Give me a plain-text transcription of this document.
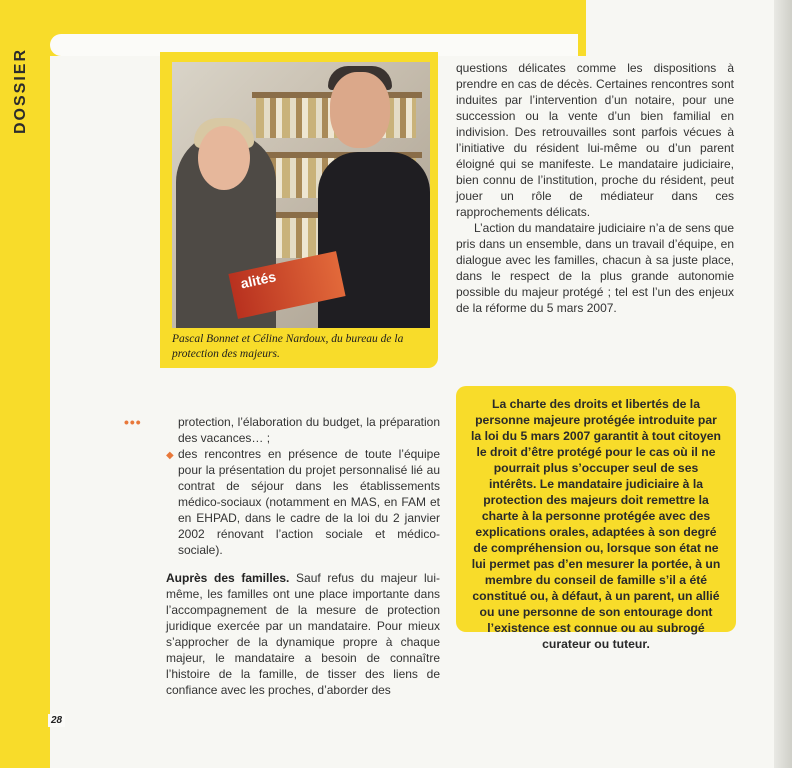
DOSSIER
alités
Pascal Bonnet et Céline Nardoux, du bureau de la protection des majeurs.

questions délicates comme les dispositions à prendre en cas de décès. Certaines rencontres sont induites par l’intervention d’un notaire, pour une succession ou la vente d’un bien familial en indivision. Des retrouvailles sont parfois vécues à l’initiative du résident lui-même ou d’un parent éloigné qui se manifeste. Le mandataire judiciaire, bien connu de l’institution, proche du résident, peut jouer un rôle de médiateur dans ces rapprochements délicats.

L’action du mandataire judiciaire n’a de sens que pris dans un ensemble, dans un travail d’équipe, en dialogue avec les familles, chacun à sa juste place, dans le respect de la plus grande autonomie possible du majeur protégé ; tel est l’un des enjeux de la réforme du 5 mars 2007.

•••	protection, l’élaboration du budget, la préparation des vacances… ;
◆ des rencontres en présence de toute l’équipe pour la présentation du projet personnalisé lié au contrat de séjour dans les établissements médico-sociaux (notamment en MAS, en FAM et en EHPAD, dans le cadre de la loi du 2 janvier 2002 rénovant l’action sociale et médico-sociale).
Auprès des familles. Sauf refus du majeur lui-même, les familles ont une place importante dans l’accompagnement de la mesure de protection juridique exercée par un mandataire. Pour mieux s’approcher de la dynamique propre à chaque majeur, le mandataire a besoin de connaître l’histoire de la famille, de tisser des liens de confiance avec les proches, d’aborder des
La charte des droits et libertés de la personne majeure protégée introduite par la loi du 5 mars 2007 garantit à tout citoyen le droit d’être protégé pour le cas où il ne pourrait plus s’occuper seul de ses intérêts. Le mandataire judiciaire à la protection des majeurs doit remettre la charte à la personne protégée avec des explications orales, adaptées à son degré de compréhension ou, lorsque son état ne lui permet pas d’en mesurer la portée, à un membre du conseil de famille s’il a été constitué ou, à défaut, à un parent, un allié ou une personne de son entourage dont l’existence est connue ou au subrogé curateur ou tuteur.
28
